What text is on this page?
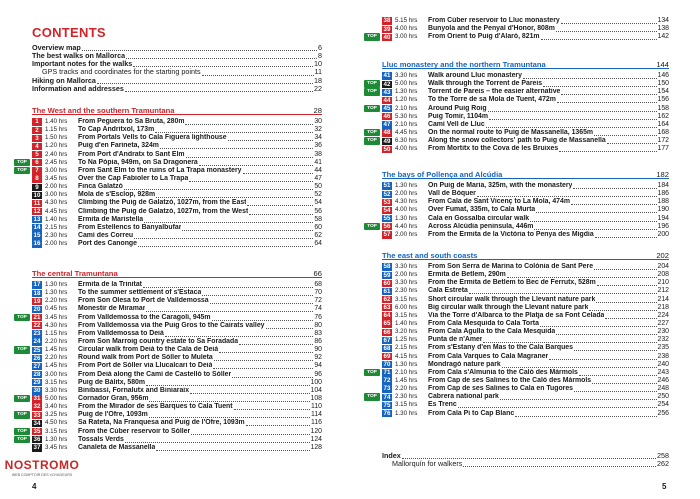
CONTENTS
Overview map	6
The best walks on Mallorca	8
Important notes for the walks	10
GPS tracks and coordinates for the starting points	11
Hiking on Mallorca	18
Information and addresses	22
The West and the southern Tramuntana	28
1	1.40 hrs	From Peguera to Sa Bruta, 280m	30
2	1.15 hrs	To Cap Andritxol, 173m	32
3	1.50 hrs	From Portals Vells to Cala Figuera lighthouse	34
4	1.20 hrs	Puig d'en Farineta, 324m	36
5	2.40 hrs	From Port d'Andratx to Sant Elm	38
TOP	6	2.45 hrs	To Na Pòpia, 949m, on Sa Dragonera	41
TOP	7	3.00 hrs	From Sant Elm to the ruins of La Trapa monastery	44
8	3.45 hrs	Over the Cap Fabioler to La Trapa	47
9	2.00 hrs	Finca Galatzó	50
10 3.00 hrs	Mola de s'Esclop, 928m	52
11 4.30 hrs	Climbing the Puig de Galatzó, 1027m, from the East	54
12 4.45 hrs	Climbing the Puig de Galatzó, 1027m, from the West	56
13 1.40 hrs	Ermita de Maristella	58
14 2.15 hrs	From Estellencs to Banyalbufar	60
15 2.30 hrs	Camí des Correu	62
16 2.00 hrs	Port des Canonge	64
The central Tramuntana	66
17 1.30 hrs	Ermita de la Trinitat	68
18 1.30 hrs	To the summer settlement of s'Estaca	70
19 2.20 hrs	From Son Olesa to Port de Valldemossa	72
20 0.45 hrs	Monestir de Miramar	74
TOP	21 3.45 hrs	From Valldemossa to the Caragolí, 945m	76
22 4.30 hrs	From Valldemossa via the Puig Gros to the Cairats valley	80
23 1.15 hrs	From Valldemossa to Deià	83
24 2.20 hrs	From Son Marroig country estate to Sa Foradada	86
TOP	25 1.45 hrs	Circular walk from Deià to the Cala de Deià	90
26 2.20 hrs	Round walk from Port de Sóller to Muleta	92
27 1.45 hrs	From Port de Sóller via Llucalcari to Deià	94
28 3.00 hrs	From Deià along the Camí de Castelló to Sóller	96
29 3.15 hrs	Puig de Bàlitx, 580m	100
30 3.30 hrs	Binibassí, Fornalutx and Biniaraix	104
TOP	31 5.00 hrs	Cornador Gran, 956m	108
32 3.40 hrs	From the Mirador de ses Barques to Cala Tuent	110
TOP	33 3.25 hrs	Puig de l'Ofre, 1093m	114
34 4.50 hrs	Sa Rateta, Na Franquesa and Puig de l'Ofre, 1093m	116
TOP	35 3.15 hrs	From the Cúber reservoir to Sóller	120
TOP	36 1.30 hrs	Tossals Verds	124
37 3.45 hrs	Canaleta de Massanella	128
38 5.15 hrs	From Cúber reservoir to Lluc monastery	134
39 4.00 hrs	Bunyola and the Penyal d'Honor, 808m	138
TOP	40 3.00 hrs	From Orient to Puig d'Alaró, 821m	142
Lluc monastery and the northern Tramuntana	144
41 3.30 hrs	Walk around Lluc monastery	146
TOP	42 5.00 hrs	Walk through the Torrent de Pareis	150
TOP	43 1.30 hrs	Torrent de Pareis – the easier alternative	154
44 1.20 hrs	To the Torre de sa Mola de Tuent, 472m	156
TOP	45 2.10 hrs	Around Puig Roig	158
46 5.30 hrs	Puig Tomir, 1104m	162
47 2.10 hrs	Camí Vell de Lluc	164
TOP	48 4.45 hrs	On the normal route to Puig de Massanella, 1365m	168
TOP	49 6.30 hrs	Along the snow collectors' path to Puig de Massanella	172
50 4.00 hrs	From Mortitx to the Cova de les Bruixes	177
The bays of Pollença and Alcúdia	182
51 1.30 hrs	On Puig de Maria, 325m, with the monastery	184
52 2.00 hrs	Vall de Bóquer	186
53 4.30 hrs	From Cala de Sant Vicenç to La Mola, 474m	188
54 4.00 hrs	Over Fumat, 335m, to Cala Murta	190
55 1.30 hrs	Cala en Gossalba circular walk	194
TOP	56 4.40 hrs	Across Alcúdia peninsula, 446m	196
57 2.00 hrs	From the Ermita de la Victòria to Penya des Migdia	200
The east and south coasts	202
58 3.30 hrs	From Son Serra de Marina to Colònia de Sant Pere	204
59 2.00 hrs	Ermita de Betlem, 290m	208
60 3.30 hrs	From the Ermita de Betlem to Bec de Ferrutx, 528m	210
61 2.30 hrs	Cala Estreta	212
62 3.15 hrs	Short circular walk through the Llevant nature park	214
63 6.00 hrs	Big circular walk through the Llevant nature park	218
64 3.15 hrs	Via the Torre d'Albarca to the Platja de sa Font Celada	224
65 1.40 hrs	From Cala Mesquida to Cala Torta	227
66 3.20 hrs	From Cala Agulla to the Cala Mesquida	230
67 1.25 hrs	Punta de n'Amer	232
68 2.15 hrs	From s'Estany d'en Mas to the Cala Barques	235
69 4.15 hrs	From Cala Varques to Cala Magraner	238
70 1.30 hrs	Mondragó nature park	240
TOP	71 2.10 hrs	From Cala s'Almunia to the Caló des Màrmols	243
72 1.45 hrs	From Cap de ses Salines to the Caló des Màrmols	246
73 2.20 hrs	From Cap de ses Salines to Cala en Tugores	248
TOP	74 2.30 hrs	Cabrera national park	250
75 3.15 hrs	Es Trenc	254
76 1.30 hrs	From Cala Pi to Cap Blanc	256
Index	258
Mallorquín for walkers	262
NOSTROMO
WEB COMPTOIR DES VOYAGEURS
4	5
